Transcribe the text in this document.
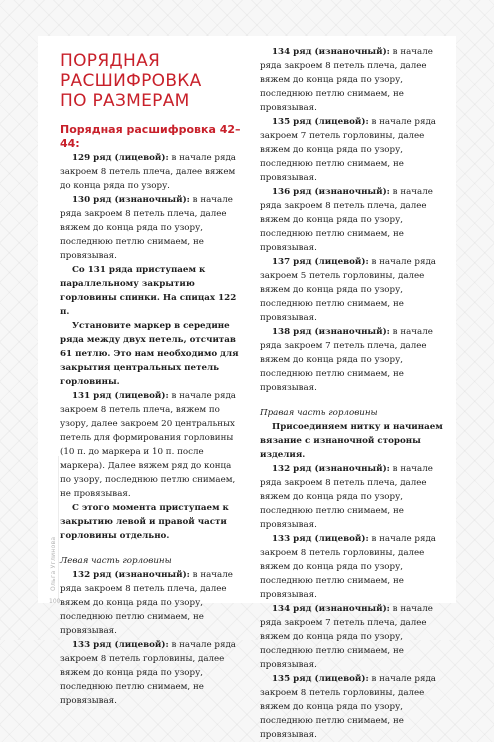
Ольга Углинова
100
ПОРЯДНАЯ
РАСШИФРОВКА
ПО РАЗМЕРАМ
Порядная расшифровка 42–44:

129 ряд (лицевой): в начале ряда закроем 8 петель плеча, далее вяжем до конца ряда по узору.

130 ряд (изнаночный): в начале ряда закроем 8 петель плеча, далее вяжем до конца ряда по узору, последнюю петлю снимаем, не провязывая.

Со 131 ряда приступаем к параллельному закрытию горловины спинки. На спицах 122 п.

Установите маркер в середине ряда между двух петель, отсчитав 61 петлю. Это нам необходимо для закрытия центральных петель горловины.

131 ряд (лицевой): в начале ряда закроем 8 петель плеча, вяжем по узору, далее закроем 20 центральных петель для формирования горловины (10 п. до маркера и 10 п. после маркера). Далее вяжем ряд до конца по узору, последнюю петлю снимаем, не провязывая.

С этого момента приступаем к закрытию левой и правой части горловины отдельно.

Левая часть горловины

132 ряд (изнаночный): в начале ряда закроем 8 петель плеча, далее вяжем до конца ряда по узору, последнюю петлю снимаем, не провязывая.

133 ряд (лицевой): в начале ряда закроем 8 петель горловины, далее вяжем до конца ряда по узору, последнюю петлю снимаем, не провязывая.

134 ряд (изнаночный): в начале ряда закроем 8 петель плеча, далее вяжем до конца ряда по узору, последнюю петлю снимаем, не провязывая.

135 ряд (лицевой): в начале ряда закроем 7 петель горловины, далее вяжем до конца ряда по узору, последнюю петлю снимаем, не провязывая.

136 ряд (изнаночный): в начале ряда закроем 8 петель плеча, далее вяжем до конца ряда по узору, последнюю петлю снимаем, не провязывая.

137 ряд (лицевой): в начале ряда закроем 5 петель горловины, далее вяжем до конца ряда по узору, последнюю петлю снимаем, не провязывая.

138 ряд (изнаночный): в начале ряда закроем 7 петель плеча, далее вяжем до конца ряда по узору, последнюю петлю снимаем, не провязывая.

Правая часть горловины

Присоединяем нитку и начинаем вязание с изнаночной стороны изделия.

132 ряд (изнаночный): в начале ряда закроем 8 петель плеча, далее вяжем до конца ряда по узору, последнюю петлю снимаем, не провязывая.

133 ряд (лицевой): в начале ряда закроем 8 петель горловины, далее вяжем до конца ряда по узору, последнюю петлю снимаем, не провязывая.

134 ряд (изнаночный): в начале ряда закроем 7 петель плеча, далее вяжем до конца ряда по узору, последнюю петлю снимаем, не провязывая.

135 ряд (лицевой): в начале ряда закроем 8 петель горловины, далее вяжем до конца ряда по узору, последнюю петлю снимаем, не провязывая.
